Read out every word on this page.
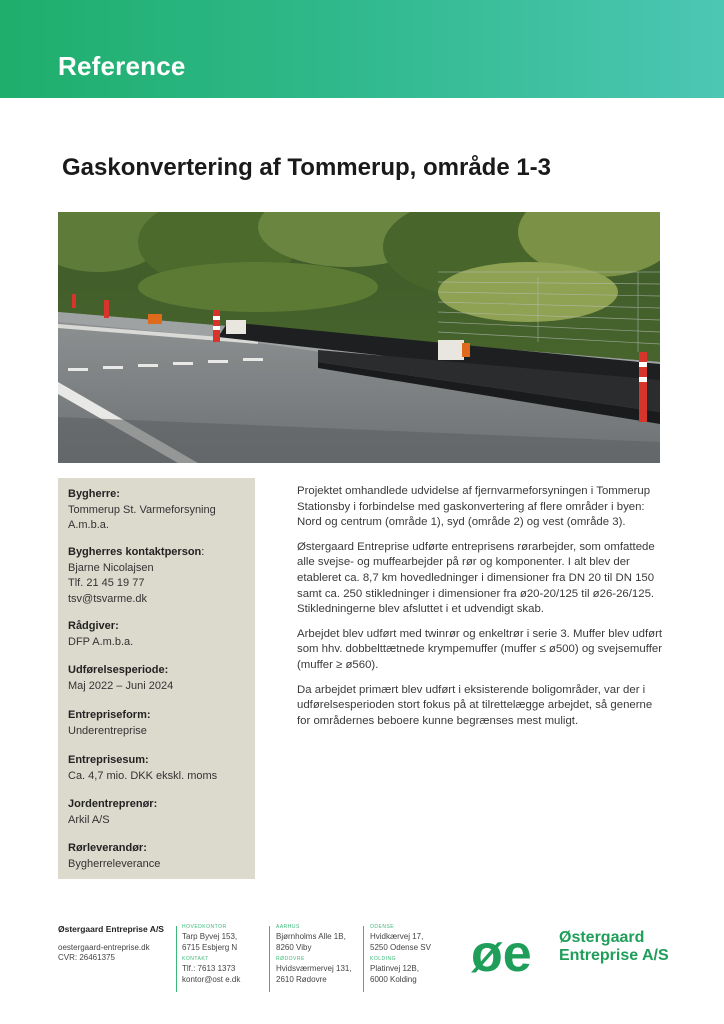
Reference
Gaskonvertering af Tommerup, område 1-3
Bygherre:
Tommerup St. Varmeforsyning
A.m.b.a.
Bygherres kontaktperson:
Bjarne Nicolajsen
Tlf. 21 45 19 77
tsv@tsvarme.dk
Rådgiver:
DFP A.m.b.a.
Udførelsesperiode:
Maj 2022 – Juni 2024
Entrepriseform:
Underentreprise
Entreprisesum:
Ca. 4,7 mio. DKK ekskl. moms
Jordentreprenør:
Arkil A/S
Rørleverandør:
Bygherreleverance

Projektet omhandlede udvidelse af fjernvarmeforsyningen i Tommerup Stationsby i forbindelse med gaskonvertering af flere områder i byen: Nord og centrum (område 1), syd (område 2) og vest (område 3).

Østergaard Entreprise udførte entreprisens rørarbejder, som omfattede alle svejse- og muffearbejder på rør og komponenter. I alt blev der etableret ca. 8,7 km hovedledninger i dimensioner fra DN 20 til DN 150 samt ca. 250 stikledninger i dimensioner fra ø20-20/125 til ø26-26/125. Stikledningerne blev afsluttet i et udvendigt skab.

Arbejdet blev udført med twinrør og enkeltrør i serie 3. Muffer blev udført som hhv. dobbelttætnede krympemuffer (muffer ≤ ø500) og svejsemuffer (muffer ≥ ø560).

Da arbejdet primært blev udført i eksisterende boligområder, var der i udførelsesperioden stort fokus på at tilrettelægge arbejdet, så generne for områdernes beboere kunne begrænses mest muligt.

Østergaard Entreprise A/S
oestergaard-entreprise.dk
CVR: 26461375
HOVEDKONTOR
Tarp Byvej 153,
6715 Esbjerg N
KONTAKT
Tlf.: 7613 1373
kontor@ost e.dk
AARHUS
Bjørnholms Alle 1B,
8260 Viby
RØDOVRE
Hvidsværmervej 131,
2610 Rødovre
ODENSE
Hvidkærvej 17,
5250 Odense SV
KOLDING
Platinvej 12B,
6000 Kolding øe Østergaard
Entreprise A/S
